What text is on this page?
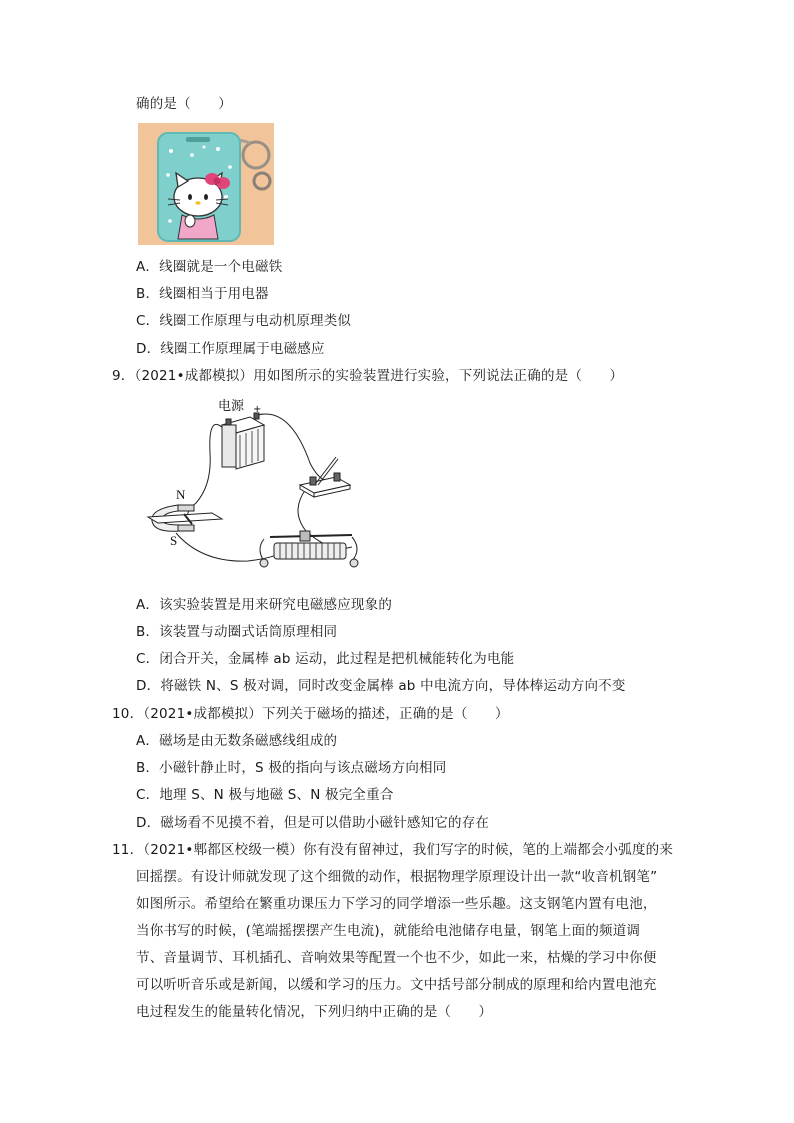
确的是（　　）
A．线圈就是一个电磁铁
B．线圈相当于用电器
C．线圈工作原理与电动机原理类似
D．线圈工作原理属于电磁感应
9．（2021•成都模拟）用如图所示的实验装置进行实验，下列说法正确的是（　　）
电源 +
-
N
S
A．该实验装置是用来研究电磁感应现象的
B．该装置与动圈式话筒原理相同
C．闭合开关，金属棒 ab 运动，此过程是把机械能转化为电能
D．将磁铁 N、S 极对调，同时改变金属棒 ab 中电流方向，导体棒运动方向不变
10．（2021•成都模拟）下列关于磁场的描述，正确的是（　　）
A．磁场是由无数条磁感线组成的
B．小磁针静止时，S 极的指向与该点磁场方向相同
C．地理 S、N 极与地磁 S、N 极完全重合
D．磁场看不见摸不着，但是可以借助小磁针感知它的存在
11．（2021•郫都区校级一模）你有没有留神过，我们写字的时候，笔的上端都会小弧度的来
回摇摆。有设计师就发现了这个细微的动作，根据物理学原理设计出一款“收音机钢笔”
如图所示。希望给在繁重功课压力下学习的同学增添一些乐趣。这支钢笔内置有电池，
当你书写的时候，(笔端摇摆摆产生电流)，就能给电池储存电量，钢笔上面的频道调
节、音量调节、耳机插孔、音响效果等配置一个也不少，如此一来，枯燥的学习中你便
可以听听音乐或是新闻，以缓和学习的压力。文中括号部分制成的原理和给内置电池充
电过程发生的能量转化情况，下列归纳中正确的是（　　）
